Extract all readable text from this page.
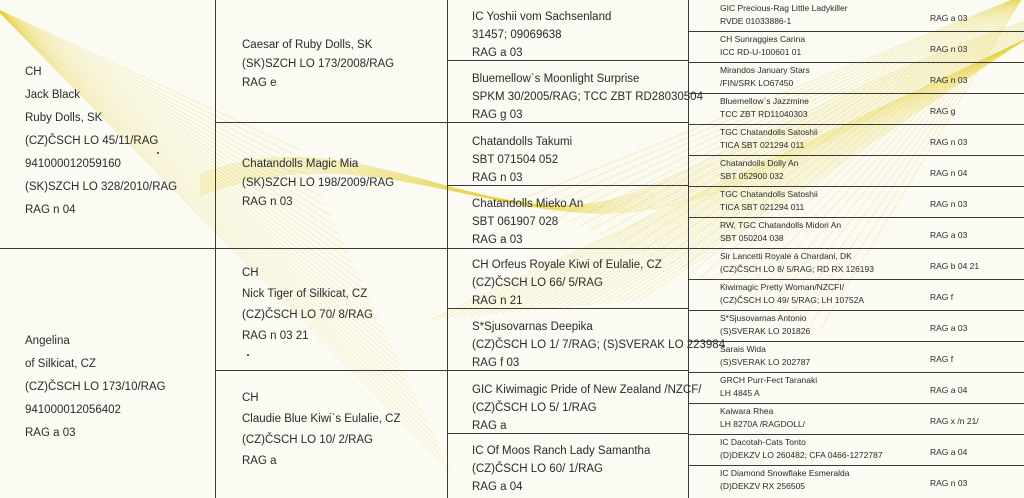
CH
Jack Black
Ruby Dolls, SK
(CZ)ČSCH LO 45/11/RAG
941000012059160
(SK)SZCH LO 328/2010/RAG
RAG n 04
Angelina
of Silkicat, CZ
(CZ)ČSCH LO 173/10/RAG
941000012056402
RAG a 03
Caesar of Ruby Dolls, SK
(SK)SZCH LO 173/2008/RAG
RAG e
Chatandolls Magic Mia
(SK)SZCH LO 198/2009/RAG
RAG n 03
CH
Nick Tiger of Silkicat, CZ
(CZ)ČSCH LO 70/ 8/RAG
RAG n 03 21
CH
Claudie Blue Kiwi`s Eulalie, CZ
(CZ)ČSCH LO 10/ 2/RAG
RAG a
IC Yoshii vom Sachsenland
31457; 09069638
RAG a 03
Bluemellow`s Moonlight Surprise
SPKM 30/2005/RAG; TCC ZBT RD28030504
RAG g 03
Chatandolls Takumi
SBT 071504 052
RAG n 03
Chatandolls Mieko An
SBT 061907 028
RAG a 03
CH Orfeus Royale Kiwi of Eulalie, CZ
(CZ)ČSCH LO 66/ 5/RAG
RAG n 21
S*Sjusovarnas Deepika
(CZ)ČSCH LO 1/ 7/RAG; (S)SVERAK LO 223984
RAG f 03
GIC Kiwimagic Pride of New Zealand /NZCF/
(CZ)ČSCH LO 5/ 1/RAG
RAG a
IC Of Moos Ranch Lady Samantha
(CZ)ČSCH LO 60/ 1/RAG
RAG a 04
GIC Precious-Rag Little Ladykiller
RVDE 01033886-1	RAG a 03
CH Sunraggies Carina
ICC RD-U-100601 01	RAG n 03
Mirandos January Stars
/FIN/SRK LO67450	RAG n 03
Bluemellow`s Jazzmine
TCC ZBT RD11040303	RAG g
TGC Chatandolls Satoshii
TICA SBT 021294 011	RAG n 03
Chatandolls Dolly An
SBT 052900 032	RAG n 04
TGC Chatandolls Satoshii
TICA SBT 021294 011	RAG n 03
RW, TGC Chatandolls Midori An
SBT 050204 038	RAG a 03
Sir Lancetti Royale á Chardani, DK
(CZ)ČSCH LO 8/ 5/RAG; RD RX 126193	RAG b 04 21
Kiwimagic Pretty Woman/NZCFI/
(CZ)ČSCH LO 49/ 5/RAG; LH 10752A	RAG f
S*Sjusovarnas Antonio
(S)SVERAK LO 201826	RAG a 03
Sarais Wida
(S)SVERAK LO 202787	RAG f
GRCH Purr-Fect Taranaki
LH 4845 A	RAG a 04
Kaiwara Rhea
LH 8270A /RAGDOLL/	RAG x /n 21/
IC Dacotah-Cats Tonto
(D)DEKZV LO 260482; CFA 0466-1272787	RAG a 04
IC Diamond Snowflake Esmeralda
(D)DEKZV RX 256505	RAG n 03
